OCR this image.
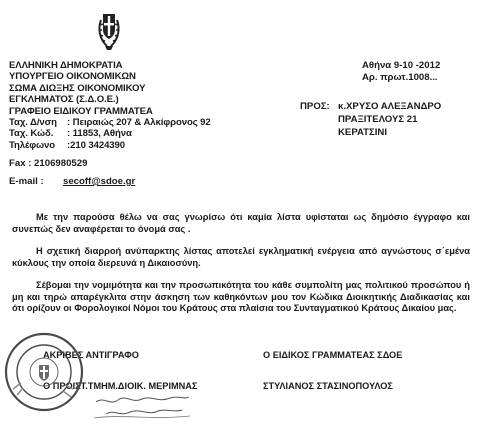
ΕΛΛΗΝΙΚΗ ΔΗΜΟΚΡΑΤΙΑ
ΥΠΟΥΡΓΕΙΟ ΟΙΚΟΝΟΜΙΚΩΝ
ΣΩΜΑ ΔΙΩΞΗΣ ΟΙΚΟΝΟΜΙΚΟΥ
ΕΓΚΛΗΜΑΤΟΣ (Σ.Δ.Ο.Ε.)
ΓΡΑΦΕΙΟ ΕΙΔΙΚΟΥ ΓΡΑΜΜΑΤΕΑ
Ταχ. Δ/νση : Πειραιώς 207 & Αλκίφρονος 92
Ταχ. Κώδ. : 11853, Αθήνα
Τηλέφωνο :210 3424390
Fax : 2106980529
E-mail : secoff@sdoe.gr
Αθήνα 9-10 -2012
Αρ. πρωτ.1008...
ΠΡΟΣ: κ.ΧΡΥΣΟ ΑΛΕΞΑΝΔΡΟ
ΠΡΑΞΙΤΕΛΟΥΣ 21
ΚΕΡΑΤΣΙΝΙ
Με την παρούσα θέλω να σας γνωρίσω ότι καμία λίστα υφίσταται ως δημόσιο έγγραφο και συνεπώς δεν αναφέρεται το όνομά σας .
Η σχετική διαρροή ανύπαρκτης λίστας αποτελεί εγκληματική ενέργεια από αγνώστους σ΄εμένα κύκλους την οποία διερευνά η Δικαιοσύνη.
Σέβομαι την νομιμότητα και την προσωπικότητα του κάθε συμπολίτη μας πολιτικού προσώπου ή μη και τηρώ απαρέγκλιτα στην άσκηση των καθηκόντων μου τον Κώδικα Διοικητικής Διαδικασίας και ότι ορίζουν οι Φορολογικοί Νόμοι του Κράτους στα πλαίσια του Συνταγματικού Κράτους Δικαίου μας.
ΑΚΡΙΒΕΣ ΑΝΤΙΓΡΑΦΟ
Ο ΠΡΟΙΣΤ.ΤΜΗΜ.ΔΙΟΙΚ. ΜΕΡΙΜΝΑΣ
Ο ΕΙΔΙΚΟΣ ΓΡΑΜΜΑΤΕΑΣ ΣΔΟΕ
ΣΤΥΛΙΑΝΟΣ ΣΤΑΣΙΝΟΠΟΥΛΟΣ
